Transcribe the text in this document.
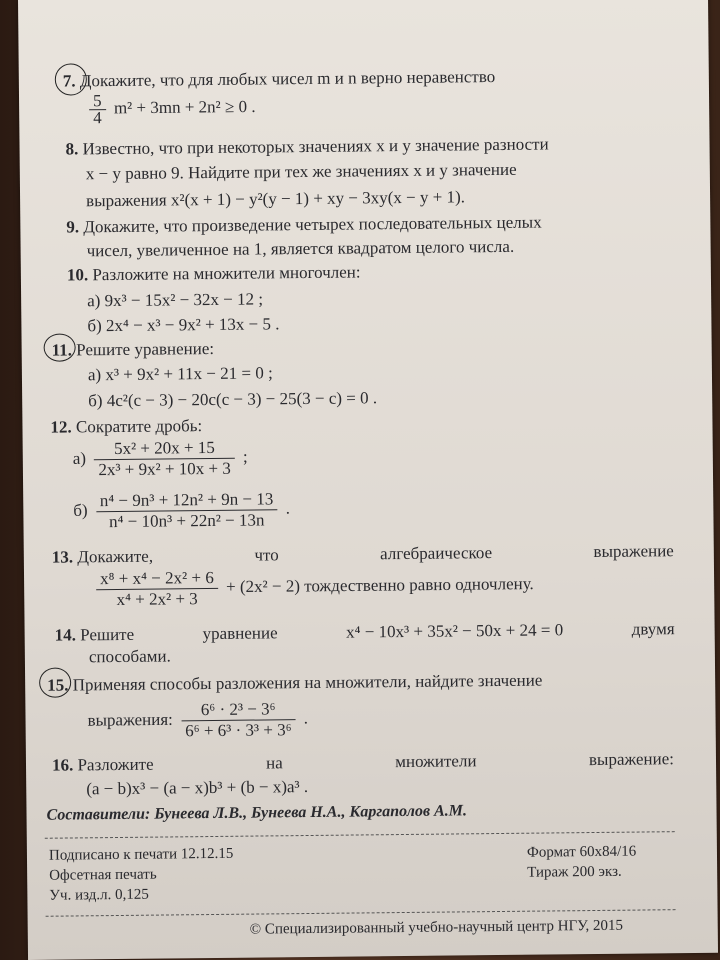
7. Докажите, что для любых чисел m и n верно неравенство
$\frac{5}{4} m^2 + 3mn + 2n^2 \ge 0$ .
8. Известно, что при некоторых значениях x и y значение разности
x − y равно 9. Найдите при тех же значениях x и y значение
выражения x²(x + 1) − y²(y − 1) + xy − 3xy(x − y + 1).
9. Докажите, что произведение четырех последовательных целых
чисел, увеличенное на 1, является квадратом целого числа.
10. Разложите на множители многочлен:
а) 9x³ − 15x² − 32x − 12 ;
б) 2x⁴ − x³ − 9x² + 13x − 5 .
11. Решите уравнение:
а) x³ + 9x² + 11x − 21 = 0 ;
б) 4c²(c − 3) − 20c(c − 3) − 25(3 − c) = 0 .
12. Сократите дробь:
$а) \frac{\text{5x² + 20x + 15}}{\text{2x³ + 9x² + 10x + 3}}$ ;
$б) \frac{\text{n⁴ − 9n³ + 12n² + 9n − 13}}{\text{n⁴ − 10n³ + 22n² − 13n}}$ .
13. Докажите,	что	алгебраическое	выражение
$\frac{\text{x⁸ + x⁴ − 2x² + 6}}{\text{x⁴ + 2x² + 3}} + (2x^2 - 2)$ тождественно равно одночлену.
14. Решите	уравнение	x⁴ − 10x³ + 35x² − 50x + 24 = 0	двумя
способами.
15. Применяя способы разложения на множители, найдите значение
выражения: $\frac{\text{6⁶ · 2³ − 3⁶}}{\text{6⁶ + 6³ · 3³ + 3⁶}}$ .
16. Разложите	на	множители	выражение:
(a − b)x³ − (a − x)b³ + (b − x)a³ .
Составители: Бунеева Л.В., Бунеева Н.А., Каргаполов А.М.
Подписано к печати 12.12.15
Офсетная печать
Уч. изд.л. 0,125
Формат 60х84/16
Тираж 200 экз.
© Специализированный учебно-научный центр НГУ, 2015
